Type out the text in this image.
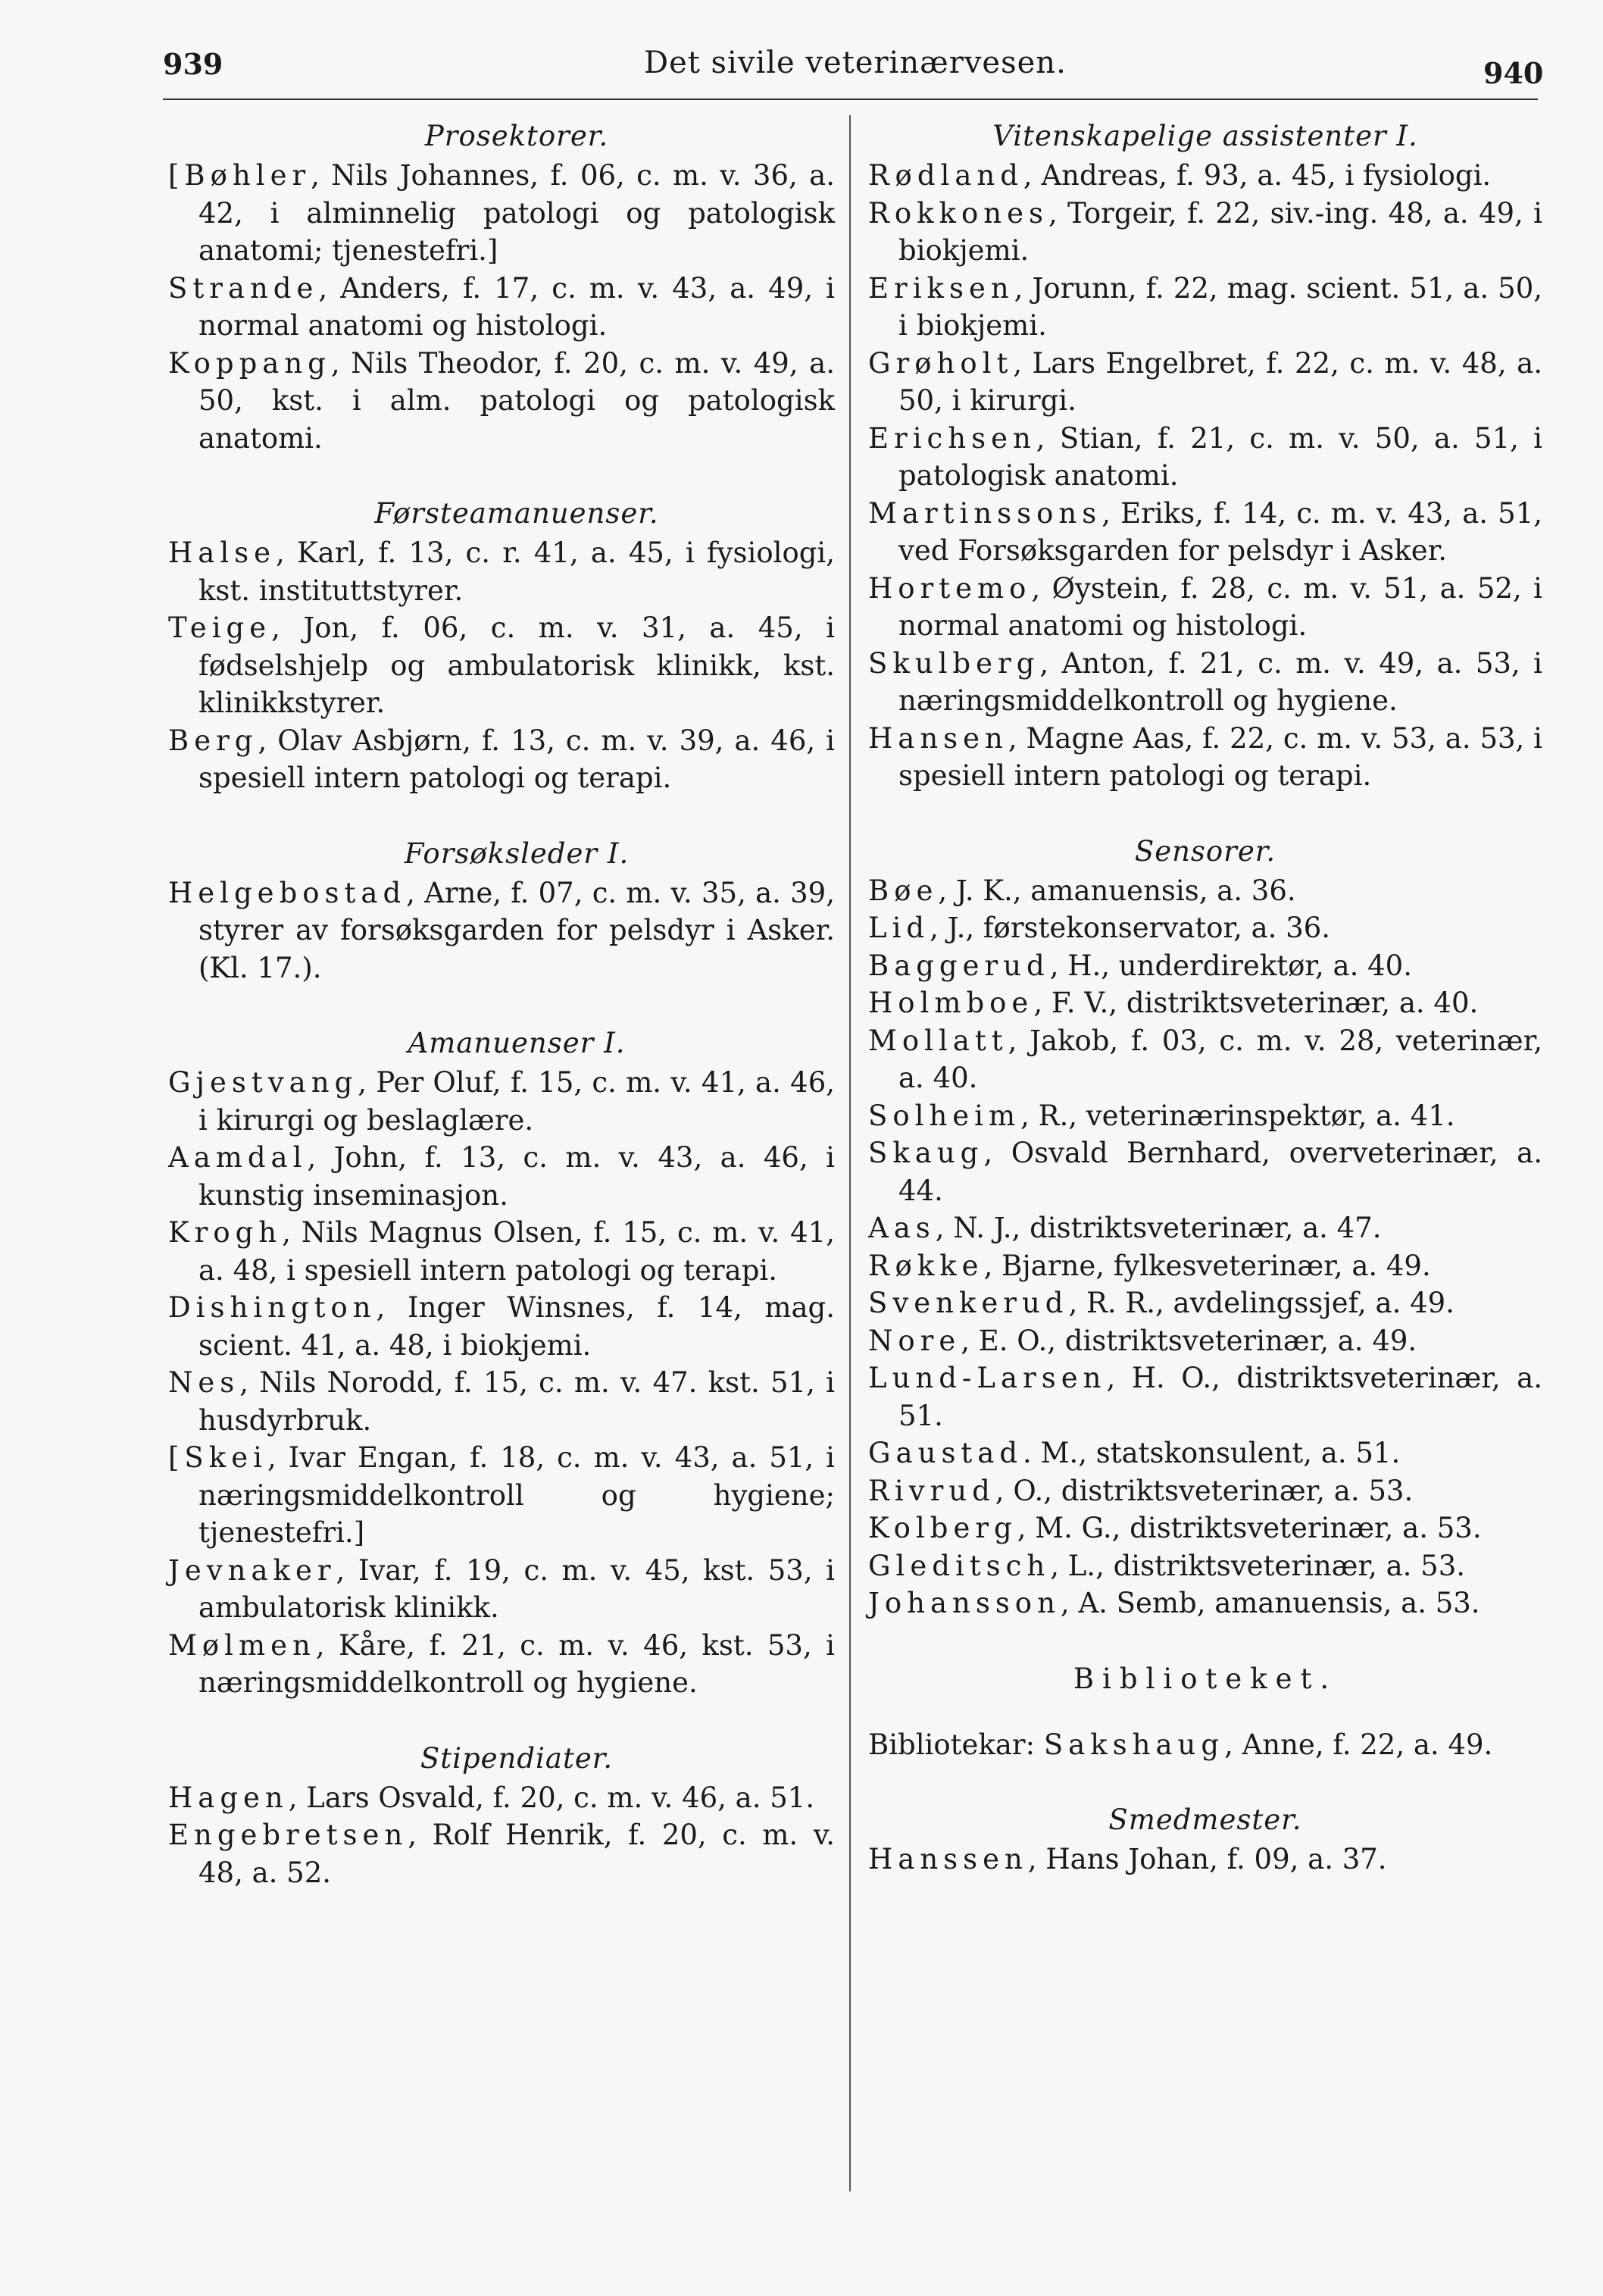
939	Det sivile veterinærvesen.	940

Prosektorer.

[Bøhler, Nils Johannes, f. 06, c. m. v. 36, a. 42, i alminnelig patologi og patologisk anatomi; tjenestefri.]

Strande, Anders, f. 17, c. m. v. 43, a. 49, i normal anatomi og histologi.

Koppang, Nils Theodor, f. 20, c. m. v. 49, a. 50, kst. i alm. patologi og patologisk anatomi.

Førsteamanuenser.

Halse, Karl, f. 13, c. r. 41, a. 45, i fysiologi, kst. instituttstyrer.

Teige, Jon, f. 06, c. m. v. 31, a. 45, i fødselshjelp og ambulatorisk klinikk, kst. klinikkstyrer.

Berg, Olav Asbjørn, f. 13, c. m. v. 39, a. 46, i spesiell intern patologi og terapi.

Forsøksleder I.

Helgebostad, Arne, f. 07, c. m. v. 35, a. 39, styrer av forsøksgarden for pelsdyr i Asker. (Kl. 17.).

Amanuenser I.

Gjestvang, Per Oluf, f. 15, c. m. v. 41, a. 46, i kirurgi og beslaglære.

Aamdal, John, f. 13, c. m. v. 43, a. 46, i kunstig inseminasjon.

Krogh, Nils Magnus Olsen, f. 15, c. m. v. 41, a. 48, i spesiell intern patologi og terapi.

Dishington, Inger Winsnes, f. 14, mag. scient. 41, a. 48, i biokjemi.

Nes, Nils Norodd, f. 15, c. m. v. 47. kst. 51, i husdyrbruk.

[Skei, Ivar Engan, f. 18, c. m. v. 43, a. 51, i næringsmiddelkontroll og hygiene; tjenestefri.]

Jevnaker, Ivar, f. 19, c. m. v. 45, kst. 53, i ambulatorisk klinikk.

Mølmen, Kåre, f. 21, c. m. v. 46, kst. 53, i næringsmiddelkontroll og hygiene.

Stipendiater.

Hagen, Lars Osvald, f. 20, c. m. v. 46, a. 51.

Engebretsen, Rolf Henrik, f. 20, c. m. v. 48, a. 52.

Vitenskapelige assistenter I.

Rødland, Andreas, f. 93, a. 45, i fysiologi.

Rokkones, Torgeir, f. 22, siv.-ing. 48, a. 49, i biokjemi.

Eriksen, Jorunn, f. 22, mag. scient. 51, a. 50, i biokjemi.

Grøholt, Lars Engelbret, f. 22, c. m. v. 48, a. 50, i kirurgi.

Erichsen, Stian, f. 21, c. m. v. 50, a. 51, i patologisk anatomi.

Martinssons, Eriks, f. 14, c. m. v. 43, a. 51, ved Forsøksgarden for pelsdyr i Asker.

Hortemo, Øystein, f. 28, c. m. v. 51, a. 52, i normal anatomi og histologi.

Skulberg, Anton, f. 21, c. m. v. 49, a. 53, i næringsmiddelkontroll og hygiene.

Hansen, Magne Aas, f. 22, c. m. v. 53, a. 53, i spesiell intern patologi og terapi.

Sensorer.

Bøe, J. K., amanuensis, a. 36.

Lid, J., førstekonservator, a. 36.

Baggerud, H., underdirektør, a. 40.

Holmboe, F. V., distriktsveterinær, a. 40.

Mollatt, Jakob, f. 03, c. m. v. 28, veterinær, a. 40.

Solheim, R., veterinærinspektør, a. 41.

Skaug, Osvald Bernhard, overveterinær, a. 44.

Aas, N. J., distriktsveterinær, a. 47.

Røkke, Bjarne, fylkesveterinær, a. 49.

Svenkerud, R. R., avdelingssjef, a. 49.

Nore, E. O., distriktsveterinær, a. 49.

Lund-Larsen, H. O., distriktsveterinær, a. 51.

Gaustad. M., statskonsulent, a. 51.

Rivrud, O., distriktsveterinær, a. 53.

Kolberg, M. G., distriktsveterinær, a. 53.

Gleditsch, L., distriktsveterinær, a. 53.

Johansson, A. Semb, amanuensis, a. 53.

Biblioteket.

Bibliotekar: Sakshaug, Anne, f. 22, a. 49.

Smedmester.

Hanssen, Hans Johan, f. 09, a. 37.
